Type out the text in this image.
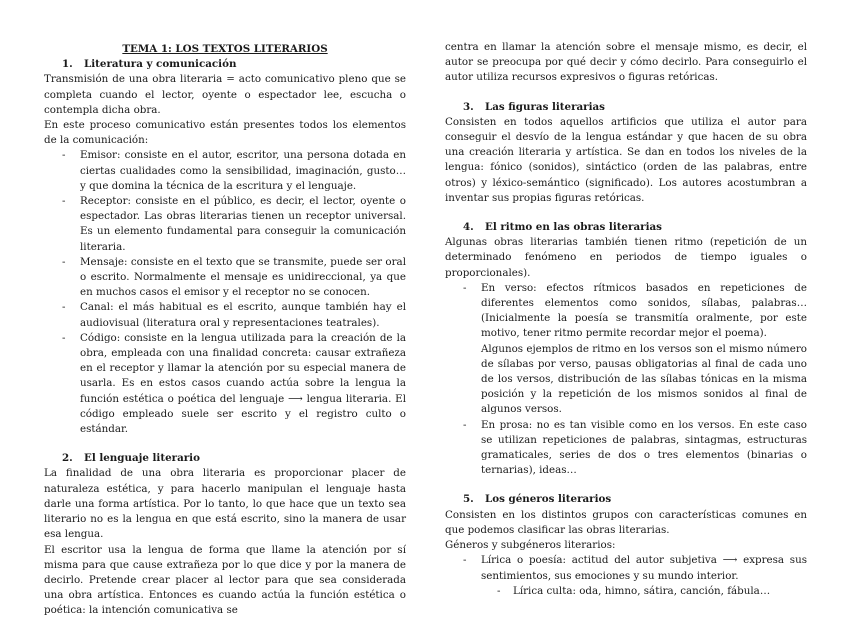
TEMA 1: LOS TEXTOS LITERARIOS

1. Literatura y comunicación

Transmisión de una obra literaria = acto comunicativo pleno que se completa cuando el lector, oyente o espectador lee, escucha o contempla dicha obra.

En este proceso comunicativo están presentes todos los elementos de la comunicación:

- Emisor: consiste en el autor, escritor, una persona dotada en ciertas cualidades como la sensibilidad, imaginación, gusto… y que domina la técnica de la escritura y el lenguaje.
- Receptor: consiste en el público, es decir, el lector, oyente o espectador. Las obras literarias tienen un receptor universal. Es un elemento fundamental para conseguir la comunicación literaria.
- Mensaje: consiste en el texto que se transmite, puede ser oral o escrito. Normalmente el mensaje es unidireccional, ya que en muchos casos el emisor y el receptor no se conocen.
- Canal: el más habitual es el escrito, aunque también hay el audiovisual (literatura oral y representaciones teatrales).
- Código: consiste en la lengua utilizada para la creación de la obra, empleada con una finalidad concreta: causar extrañeza en el receptor y llamar la atención por su especial manera de usarla. Es en estos casos cuando actúa sobre la lengua la función estética o poética del lenguaje ⟶ lengua literaria. El código empleado suele ser escrito y el registro culto o estándar.

2. El lenguaje literario

La finalidad de una obra literaria es proporcionar placer de naturaleza estética, y para hacerlo manipulan el lenguaje hasta darle una forma artística. Por lo tanto, lo que hace que un texto sea literario no es la lengua en que está escrito, sino la manera de usar esa lengua.

El escritor usa la lengua de forma que llame la atención por sí misma para que cause extrañeza por lo que dice y por la manera de decirlo. Pretende crear placer al lector para que sea considerada una obra artística. Entonces es cuando actúa la función estética o poética: la intención comunicativa se

centra en llamar la atención sobre el mensaje mismo, es decir, el autor se preocupa por qué decir y cómo decirlo. Para conseguirlo el autor utiliza recursos expresivos o figuras retóricas.

3. Las figuras literarias

Consisten en todos aquellos artificios que utiliza el autor para conseguir el desvío de la lengua estándar y que hacen de su obra una creación literaria y artística. Se dan en todos los niveles de la lengua: fónico (sonidos), sintáctico (orden de las palabras, entre otros) y léxico-semántico (significado). Los autores acostumbran a inventar sus propias figuras retóricas.

4. El ritmo en las obras literarias

Algunas obras literarias también tienen ritmo (repetición de un determinado fenómeno en periodos de tiempo iguales o proporcionales).

- En verso: efectos rítmicos basados en repeticiones de diferentes elementos como sonidos, sílabas, palabras… (Inicialmente la poesía se transmitía oralmente, por este motivo, tener ritmo permite recordar mejor el poema).

Algunos ejemplos de ritmo en los versos son el mismo número de sílabas por verso, pausas obligatorias al final de cada uno de los versos, distribución de las sílabas tónicas en la misma posición y la repetición de los mismos sonidos al final de algunos versos.

- En prosa: no es tan visible como en los versos. En este caso se utilizan repeticiones de palabras, sintagmas, estructuras gramaticales, series de dos o tres elementos (binarias o ternarias), ideas…

5. Los géneros literarios

Consisten en los distintos grupos con características comunes en que podemos clasificar las obras literarias.

Géneros y subgéneros literarios:

- Lírica o poesía: actitud del autor subjetiva ⟶ expresa sus sentimientos, sus emociones y su mundo interior.
- Lírica culta: oda, himno, sátira, canción, fábula…
